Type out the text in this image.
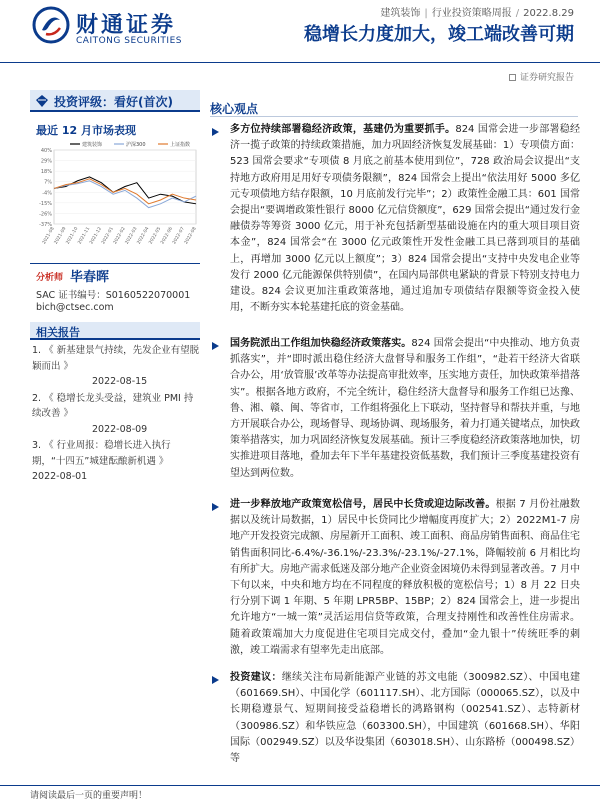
财通证券
CAITONG SECURITIES
建筑装饰 | 行业投资策略周报 / 2022.8.29
稳增长力度加大，竣工端改善可期
证券研究报告
投资评级：看好(首次)
最近 12 月市场表现
40%
29%
18%
7%
-4%
-15%
-26%
-37%
2021-08
2021-09
2021-10
2021-11
2021-12
2022-01
2022-02
2022-03
2022-04
2022-05
2022-06
2022-07
2022-08
建筑装饰	沪深300	上证指数
分析师 毕春晖
SAC 证书编号：S0160522070001
bich@ctsec.com
相关报告
1. 《 新基建景气持续，先发企业有望脱颖而出 》
2022-08-15
2. 《 稳增长龙头受益，建筑业 PMI 持续改善 》
2022-08-09
3. 《 行业周报：稳增长进入执行期，“十四五”城建酝酿新机遇 》
2022-08-01
核心观点
多方位持续部署稳经济政策，基建仍为重要抓手。824 国常会进一步部署稳经济一揽子政策的持续政策措施，加力巩固经济恢复发展基础：1）专项债方面：523 国常会要求“专项债 8 月底之前基本使用到位”，728 政治局会议提出“支持地方政府用足用好专项债务限额”，824 国常会上提出“依法用好 5000 多亿元专项债地方结存限额，10 月底前发行完毕”；2）政策性金融工具：601 国常会提出“要调增政策性银行 8000 亿元信贷额度”，629 国常会提出“通过发行金融债券等筹资 3000 亿元，用于补充包括新型基础设施在内的重大项目项目资本金”，824 国常会“在 3000 亿元政策性开发性金融工具已落到项目的基础上，再增加 3000 亿元以上额度”；3）824 国常会提出“支持中央发电企业等发行 2000 亿元能源保供特别债”，在国内局部供电紧缺的背景下特别支持电力建设。824 会议更加注重政策落地，通过追加专项债结存限额等资金投入使用，不断夯实本轮基建托底的资金基础。
国务院派出工作组加快稳经济政策落实。824 国常会提出“中央推动、地方负责抓落实”，并“即时派出稳住经济大盘督导和服务工作组”，“赴若干经济大省联合办公，用‘放管服’改革等办法提高审批效率，压实地方责任，加快政策举措落实”。根据各地方政府，不完全统计，稳住经济大盘督导和服务工作组已达豫、鲁、湘、赣、闽、等省市，工作组将强化上下联动，坚持督导和帮扶并重，与地方开展联合办公，现场督导、现场协调、现场服务，着力打通关键堵点，加快政策举措落实，加力巩固经济恢复发展基础。预计三季度稳经济政策落地加快，切实推进项目落地，叠加去年下半年基建投资低基数，我们预计三季度基建投资有望达到两位数。
进一步释放地产政策宽松信号，居民中长贷或迎边际改善。根据 7 月份社融数据以及统计局数据，1）居民中长贷同比少增幅度再度扩大；2）2022M1-7 房地产开发投资完成额、房屋新开工面积、竣工面积、商品房销售面积、商品住宅销售面积同比-6.4%/-36.1%/-23.3%/-23.1%/-27.1%，降幅较前 6 月相比均有所扩大。房地产需求低迷及部分地产企业资金困境仍未得到显著改善。7 月中下旬以来，中央和地方均在不同程度的释放积极的宽松信号；1）8 月 22 日央行分别下调 1 年期、5 年期 LPR5BP、15BP；2）824 国常会上，进一步提出允许地方“一城一策”灵活运用信贷等政策，合理支持刚性和改善性住房需求。随着政策端加大力度促进住宅项目完成交付，叠加“金九银十”传统旺季的刺激，竣工端需求有望率先走出底部。
投资建议：继续关注布局新能源产业链的苏文电能（300982.SZ）、中国电建（601669.SH）、中国化学（601117.SH）、北方国际（000065.SZ），以及中长期稳遵景气、短期间接受益稳增长的鸿路钢构（002541.SZ）、志特新材（300986.SZ）和华铁应急（603300.SH），中国建筑（601668.SH）、华阳国际（002949.SZ）以及华设集团（603018.SH）、山东路桥（000498.SZ）等
请阅读最后一页的重要声明！
